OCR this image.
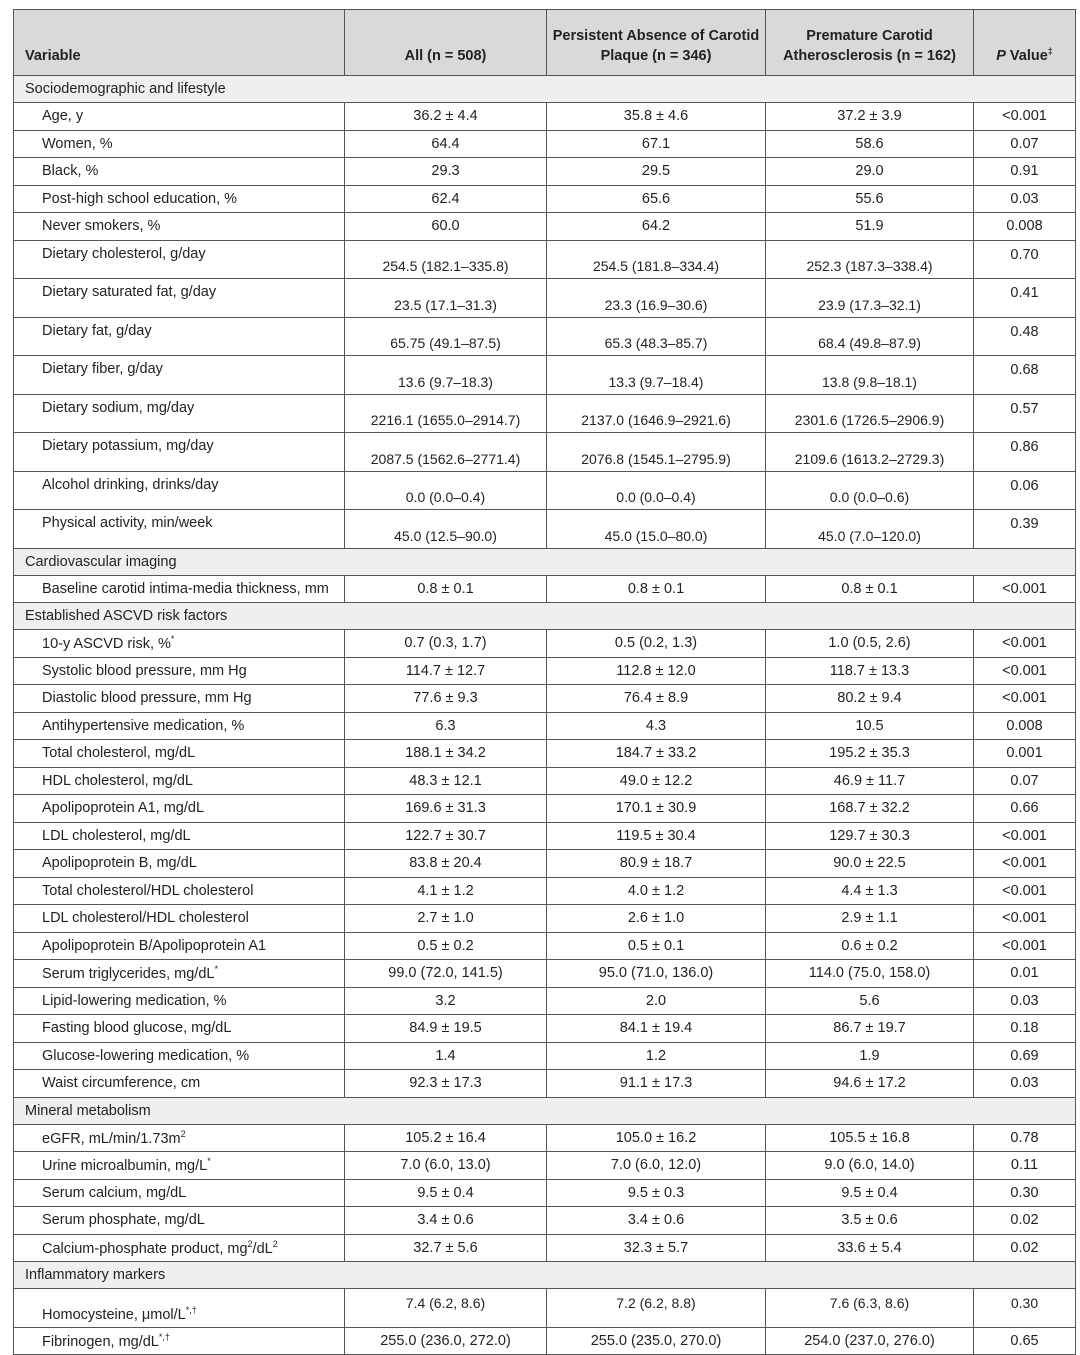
Variable	All (n = 508)	Persistent Absence of Carotid Plaque (n = 346)	Premature Carotid Atherosclerosis (n = 162)	P Value‡
Sociodemographic and lifestyle				
Age, y	36.2 ± 4.4	35.8 ± 4.6	37.2 ± 3.9	<0.001
Women, %	64.4	67.1	58.6	0.07
Black, %	29.3	29.5	29.0	0.91
Post-high school education, %	62.4	65.6	55.6	0.03
Never smokers, %	60.0	64.2	51.9	0.008
Dietary cholesterol, g/day	254.5 (182.1–335.8)	254.5 (181.8–334.4)	252.3 (187.3–338.4)	0.70
Dietary saturated fat, g/day	23.5 (17.1–31.3)	23.3 (16.9–30.6)	23.9 (17.3–32.1)	0.41
Dietary fat, g/day	65.75 (49.1–87.5)	65.3 (48.3–85.7)	68.4 (49.8–87.9)	0.48
Dietary fiber, g/day	13.6 (9.7–18.3)	13.3 (9.7–18.4)	13.8 (9.8–18.1)	0.68
Dietary sodium, mg/day	2216.1 (1655.0–2914.7)	2137.0 (1646.9–2921.6)	2301.6 (1726.5–2906.9)	0.57
Dietary potassium, mg/day	2087.5 (1562.6–2771.4)	2076.8 (1545.1–2795.9)	2109.6 (1613.2–2729.3)	0.86
Alcohol drinking, drinks/day	0.0 (0.0–0.4)	0.0 (0.0–0.4)	0.0 (0.0–0.6)	0.06
Physical activity, min/week	45.0 (12.5–90.0)	45.0 (15.0–80.0)	45.0 (7.0–120.0)	0.39
Cardiovascular imaging				
Baseline carotid intima-media thickness, mm	0.8 ± 0.1	0.8 ± 0.1	0.8 ± 0.1	<0.001
Established ASCVD risk factors				
10-y ASCVD risk, %*	0.7 (0.3, 1.7)	0.5 (0.2, 1.3)	1.0 (0.5, 2.6)	<0.001
Systolic blood pressure, mm Hg	114.7 ± 12.7	112.8 ± 12.0	118.7 ± 13.3	<0.001
Diastolic blood pressure, mm Hg	77.6 ± 9.3	76.4 ± 8.9	80.2 ± 9.4	<0.001
Antihypertensive medication, %	6.3	4.3	10.5	0.008
Total cholesterol, mg/dL	188.1 ± 34.2	184.7 ± 33.2	195.2 ± 35.3	0.001
HDL cholesterol, mg/dL	48.3 ± 12.1	49.0 ± 12.2	46.9 ± 11.7	0.07
Apolipoprotein A1, mg/dL	169.6 ± 31.3	170.1 ± 30.9	168.7 ± 32.2	0.66
LDL cholesterol, mg/dL	122.7 ± 30.7	119.5 ± 30.4	129.7 ± 30.3	<0.001
Apolipoprotein B, mg/dL	83.8 ± 20.4	80.9 ± 18.7	90.0 ± 22.5	<0.001
Total cholesterol/HDL cholesterol	4.1 ± 1.2	4.0 ± 1.2	4.4 ± 1.3	<0.001
LDL cholesterol/HDL cholesterol	2.7 ± 1.0	2.6 ± 1.0	2.9 ± 1.1	<0.001
Apolipoprotein B/Apolipoprotein A1	0.5 ± 0.2	0.5 ± 0.1	0.6 ± 0.2	<0.001
Serum triglycerides, mg/dL*	99.0 (72.0, 141.5)	95.0 (71.0, 136.0)	114.0 (75.0, 158.0)	0.01
Lipid-lowering medication, %	3.2	2.0	5.6	0.03
Fasting blood glucose, mg/dL	84.9 ± 19.5	84.1 ± 19.4	86.7 ± 19.7	0.18
Glucose-lowering medication, %	1.4	1.2	1.9	0.69
Waist circumference, cm	92.3 ± 17.3	91.1 ± 17.3	94.6 ± 17.2	0.03
Mineral metabolism				
eGFR, $mL/\min/1.73m^2$	105.2 ± 16.4	105.0 ± 16.2	105.5 ± 16.8	0.78
Urine microalbumin, mg/L*	7.0 (6.0, 13.0)	7.0 (6.0, 12.0)	9.0 (6.0, 14.0)	0.11
Serum calcium, mg/dL	9.5 ± 0.4	9.5 ± 0.3	9.5 ± 0.4	0.30
Serum phosphate, mg/dL	3.4 ± 0.6	3.4 ± 0.6	3.5 ± 0.6	0.02
Calcium-phosphate product, $mg^2/dL^2$	32.7 ± 5.6	32.3 ± 5.7	33.6 ± 5.4	0.02
Inflammatory markers				
Homocysteine, μmol/L*,†	7.4 (6.2, 8.6)	7.2 (6.2, 8.8)	7.6 (6.3, 8.6)	0.30
Fibrinogen, mg/dL*,†	255.0 (236.0, 272.0)	255.0 (235.0, 270.0)	254.0 (237.0, 276.0)	0.65
